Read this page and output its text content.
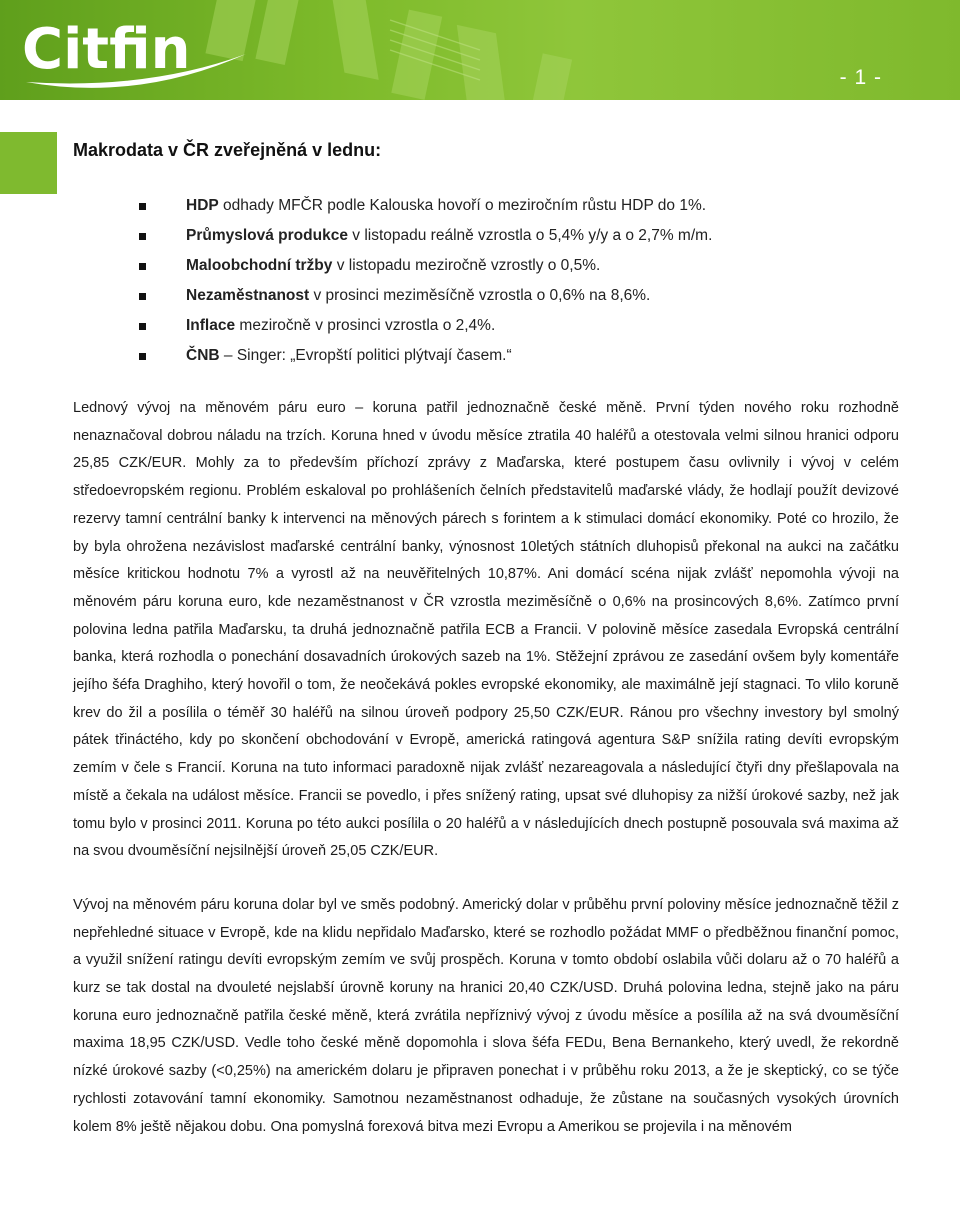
Citfin	- 1 -
Makrodata v ČR zveřejněná v lednu:
HDP odhady MFČR podle Kalouska hovoří o meziročním růstu HDP do 1%.
Průmyslová produkce v listopadu reálně vzrostla o 5,4% y/y a o 2,7% m/m.
Maloobchodní tržby v listopadu meziročně vzrostly o 0,5%.
Nezaměstnanost v prosinci meziměsíčně vzrostla o 0,6% na 8,6%.
Inflace meziročně v prosinci vzrostla o 2,4%.
ČNB – Singer: „Evropští politici plýtvají časem.“

Lednový vývoj na měnovém páru euro – koruna patřil jednoznačně české měně. První týden nového roku rozhodně nenaznačoval dobrou náladu na trzích. Koruna hned v úvodu měsíce ztratila 40 haléřů a otestovala velmi silnou hranici odporu 25,85 CZK/EUR. Mohly za to především příchozí zprávy z Maďarska, které postupem času ovlivnily i vývoj v celém středoevropském regionu. Problém eskaloval po prohlášeních čelních představitelů maďarské vlády, že hodlají použít devizové rezervy tamní centrální banky k intervenci na měnových párech s forintem a k stimulaci domácí ekonomiky. Poté co hrozilo, že by byla ohrožena nezávislost maďarské centrální banky, výnosnost 10letých státních dluhopisů překonal na aukci na začátku měsíce kritickou hodnotu 7% a vyrostl až na neuvěřitelných 10,87%. Ani domácí scéna nijak zvlášť nepomohla vývoji na měnovém páru koruna euro, kde nezaměstnanost v ČR vzrostla meziměsíčně o 0,6% na prosincových 8,6%. Zatímco první polovina ledna patřila Maďarsku, ta druhá jednoznačně patřila ECB a Francii. V polovině měsíce zasedala Evropská centrální banka, která rozhodla o ponechání dosavadních úrokových sazeb na 1%. Stěžejní zprávou ze zasedání ovšem byly komentáře jejího šéfa Draghiho, který hovořil o tom, že neočekává pokles evropské ekonomiky, ale maximálně její stagnaci. To vlilo koruně krev do žil a posílila o téměř 30 haléřů na silnou úroveň podpory 25,50 CZK/EUR. Ránou pro všechny investory byl smolný pátek třináctého, kdy po skončení obchodování v Evropě, americká ratingová agentura S&P snížila rating devíti evropským zemím v čele s Francií. Koruna na tuto informaci paradoxně nijak zvlášť nezareagovala a následující čtyři dny přešlapovala na místě a čekala na událost měsíce. Francii se povedlo, i přes snížený rating, upsat své dluhopisy za nižší úrokové sazby, než jak tomu bylo v prosinci 2011. Koruna po této aukci posílila o 20 haléřů a v následujících dnech postupně posouvala svá maxima až na svou dvouměsíční nejsilnější úroveň 25,05 CZK/EUR.

Vývoj na měnovém páru koruna dolar byl ve směs podobný. Americký dolar v průběhu první poloviny měsíce jednoznačně těžil z nepřehledné situace v Evropě, kde na klidu nepřidalo Maďarsko, které se rozhodlo požádat MMF o předběžnou finanční pomoc, a využil snížení ratingu devíti evropským zemím ve svůj prospěch. Koruna v tomto období oslabila vůči dolaru až o 70 haléřů a kurz se tak dostal na dvouleté nejslabší úrovně koruny na hranici 20,40 CZK/USD. Druhá polovina ledna, stejně jako na páru koruna euro jednoznačně patřila české měně, která zvrátila nepříznivý vývoj z úvodu měsíce a posílila až na svá dvouměsíční maxima 18,95 CZK/USD. Vedle toho české měně dopomohla i slova šéfa FEDu, Bena Bernankeho, který uvedl, že rekordně nízké úrokové sazby (<0,25%) na americkém dolaru je připraven ponechat i v průběhu roku 2013, a že je skeptický, co se týče rychlosti zotavování tamní ekonomiky. Samotnou nezaměstnanost odhaduje, že zůstane na současných vysokých úrovních kolem 8% ještě nějakou dobu. Ona pomyslná forexová bitva mezi Evropu a Amerikou se projevila i na měnovém
